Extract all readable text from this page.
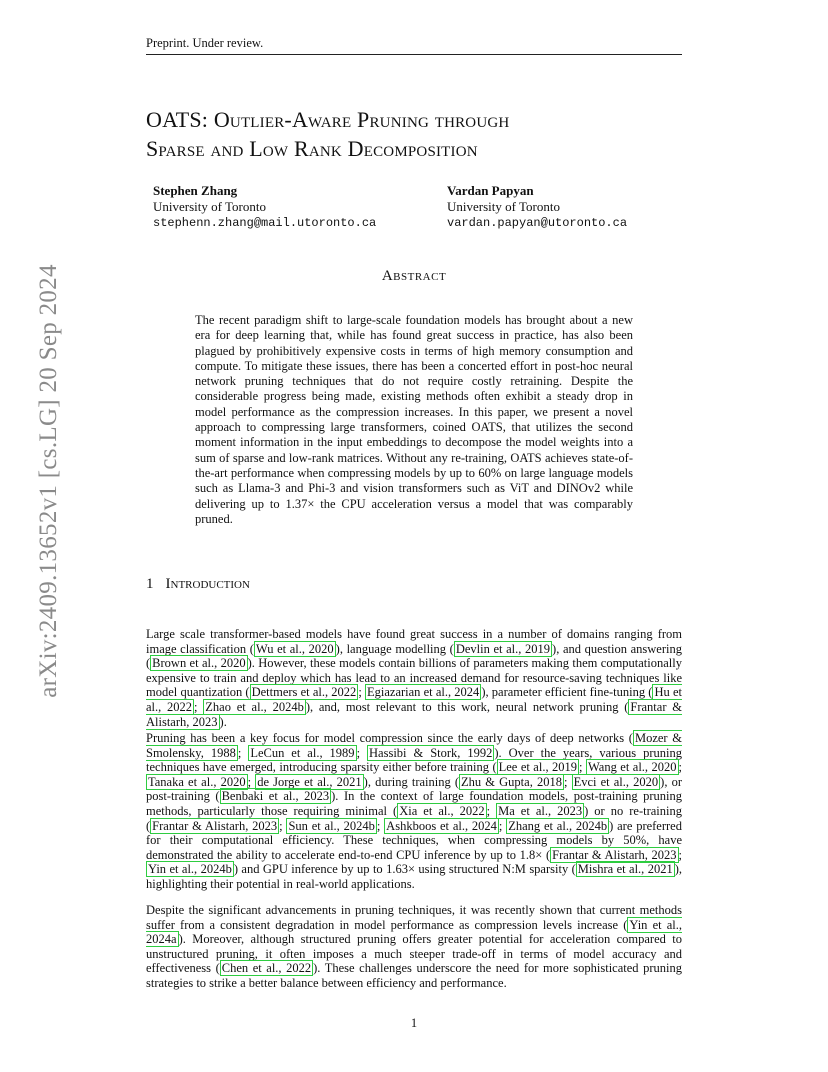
Preprint. Under review.
arXiv:2409.13652v1 [cs.LG] 20 Sep 2024
OATS: Outlier-Aware Pruning through
Sparse and Low Rank Decomposition
Stephen Zhang
University of Toronto
stephenn.zhang@mail.utoronto.ca
Vardan Papyan
University of Toronto
vardan.papyan@utoronto.ca
Abstract
The recent paradigm shift to large-scale foundation models has brought about a new era for deep learning that, while has found great success in practice, has also been plagued by prohibitively expensive costs in terms of high memory consumption and compute. To mitigate these issues, there has been a concerted effort in post-hoc neural network pruning techniques that do not require costly retraining. Despite the considerable progress being made, existing methods often exhibit a steady drop in model performance as the compression increases. In this paper, we present a novel approach to compressing large transformers, coined OATS, that utilizes the second moment information in the input embeddings to decompose the model weights into a sum of sparse and low-rank matrices. Without any re-training, OATS achieves state-of-the-art performance when compressing models by up to 60% on large language models such as Llama-3 and Phi-3 and vision transformers such as ViT and DINOv2 while delivering up to 1.37× the CPU acceleration versus a model that was comparably pruned.
1 Introduction

Large scale transformer-based models have found great success in a number of domains ranging from image classification ( Wu et al., 2020 ), language modelling ( Devlin et al., 2019 ), and question answering ( Brown et al., 2020 ). However, these models contain billions of parameters making them computationally expensive to train and deploy which has lead to an increased demand for resource-saving techniques like model quantization ( Dettmers et al., 2022 ; Egiazarian et al., 2024 ), parameter efficient fine-tuning ( Hu et al., 2022 ; Zhao et al., 2024b ), and, most relevant to this work, neural network pruning ( Frantar & Alistarh, 2023 ).

Pruning has been a key focus for model compression since the early days of deep networks ( Mozer & Smolensky, 1988 ; LeCun et al., 1989 ; Hassibi & Stork, 1992 ). Over the years, various pruning techniques have emerged, introducing sparsity either before training ( Lee et al., 2019 ; Wang et al., 2020 ; Tanaka et al., 2020 ; de Jorge et al., 2021 ), during training ( Zhu & Gupta, 2018 ; Evci et al., 2020 ), or post-training ( Benbaki et al., 2023 ). In the context of large foundation models, post-training pruning methods, particularly those requiring minimal ( Xia et al., 2022 ; Ma et al., 2023 ) or no re-training ( Frantar & Alistarh, 2023 ; Sun et al., 2024b ; Ashkboos et al., 2024 ; Zhang et al., 2024b ) are preferred for their computational efficiency. These techniques, when compressing models by 50%, have demonstrated the ability to accelerate end-to-end CPU inference by up to 1.8× ( Frantar & Alistarh, 2023 ; Yin et al., 2024b ) and GPU inference by up to 1.63× using structured N:M sparsity ( Mishra et al., 2021 ), highlighting their potential in real-world applications.

Despite the significant advancements in pruning techniques, it was recently shown that current methods suffer from a consistent degradation in model performance as compression levels increase ( Yin et al., 2024a ). Moreover, although structured pruning offers greater potential for acceleration compared to unstructured pruning, it often imposes a much steeper trade-off in terms of model accuracy and effectiveness ( Chen et al., 2022 ). These challenges underscore the need for more sophisticated pruning strategies to strike a better balance between efficiency and performance.

1
